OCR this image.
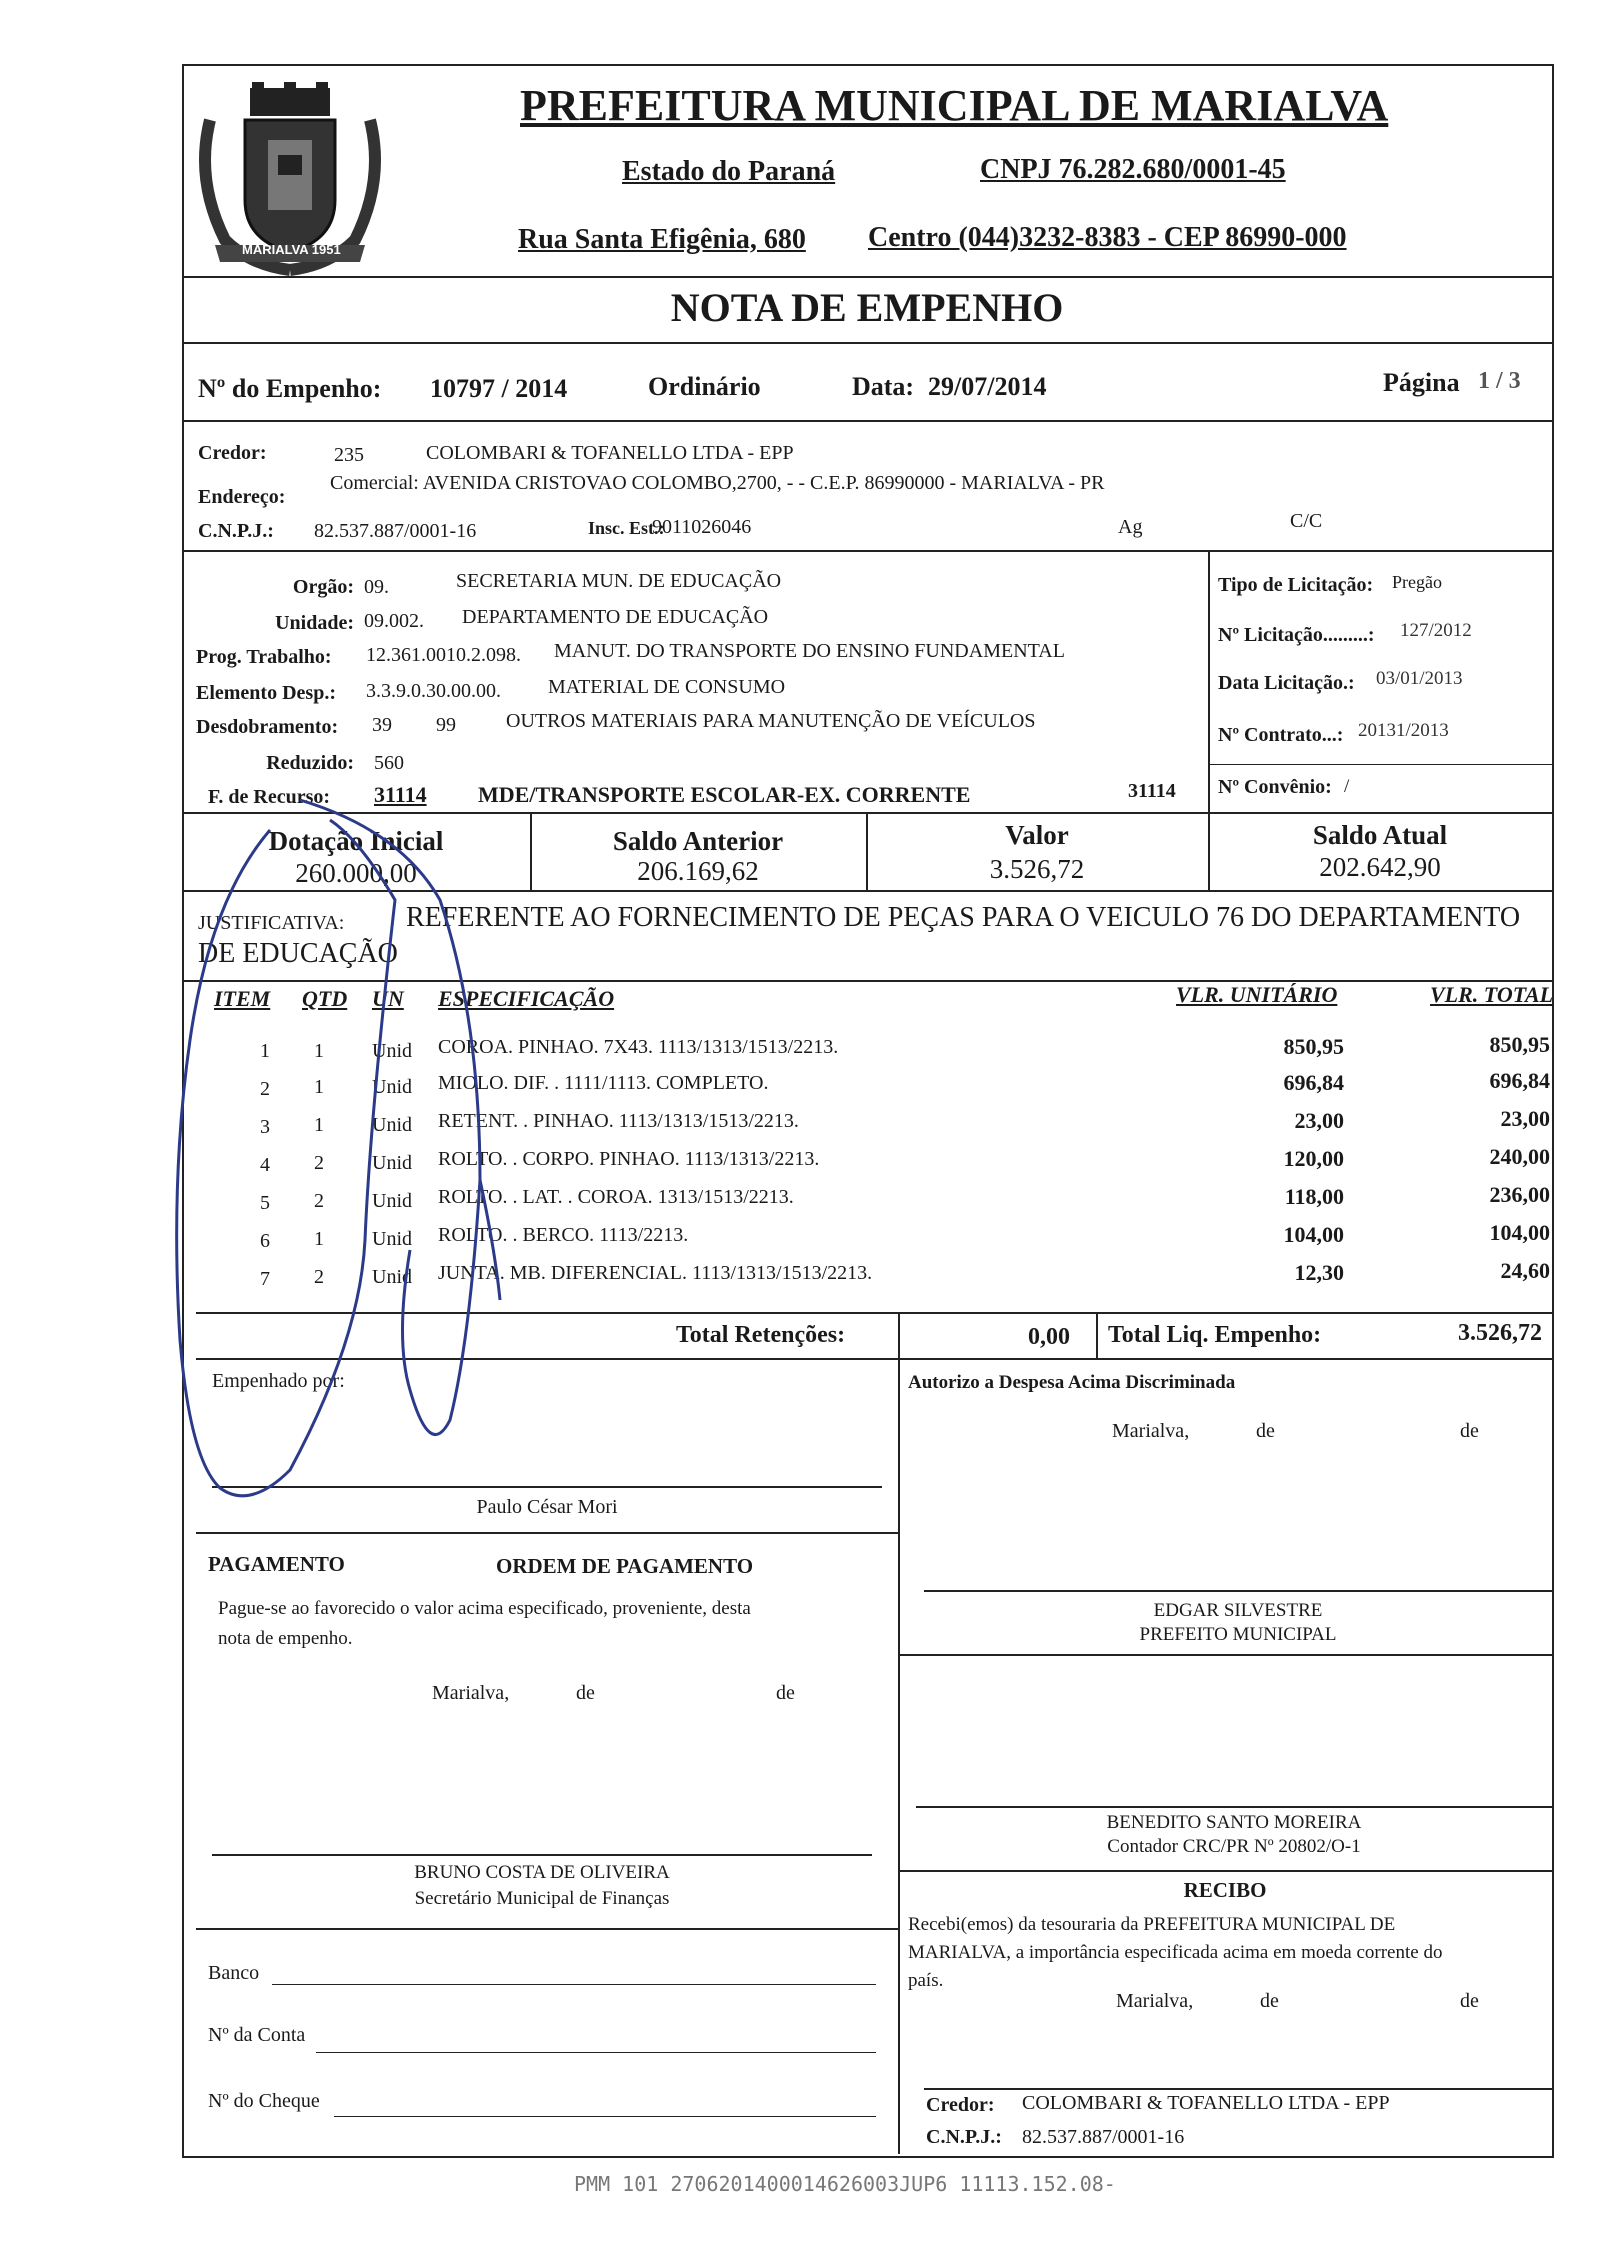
MARIALVA 1951
PREFEITURA MUNICIPAL DE MARIALVA
Estado do Paraná	CNPJ 76.282.680/0001-45
Rua Santa Efigênia, 680 Centro (044)3232-8383 - CEP 86990-000
NOTA DE EMPENHO
Nº do Empenho: 10797 / 2014	Ordinário	Data: 29/07/2014	Página 1 / 3
Credor:	235	COLOMBARI & TOFANELLO LTDA - EPP
Endereço:
Comercial: AVENIDA CRISTOVAO COLOMBO,2700, - - C.E.P. 86990000 - MARIALVA - PR
C.N.P.J.: 82.537.887/0001-16	Insc. Est.:
9011026046	Ag	C/C
Orgão: 09.	SECRETARIA MUN. DE EDUCAÇÃO
Unidade: 09.002. DEPARTAMENTO DE EDUCAÇÃO
Prog. Trabalho: 12.361.0010.2.098. MANUT. DO TRANSPORTE DO ENSINO FUNDAMENTAL
Elemento Desp.: 3.3.9.0.30.00.00. MATERIAL DE CONSUMO
Desdobramento: 39 99	OUTROS MATERIAIS PARA MANUTENÇÃO DE VEÍCULOS
Reduzido: 560
F. de Recurso: 31114 MDE/TRANSPORTE ESCOLAR-EX. CORRENTE	31114
Tipo de Licitação: Pregão
Nº Licitação.........: 127/2012
Data Licitação.: 03/01/2013
Nº Contrato...: 20131/2013
Nº Convênio: /
Dotação Inicial
260.000,00
Saldo Anterior
206.169,62
Valor
3.526,72
Saldo Atual
202.642,90
JUSTIFICATIVA: REFERENTE AO FORNECIMENTO DE PEÇAS PARA O VEICULO 76 DO DEPARTAMENTO
DE EDUCAÇÃO
ITEM QTD UN ESPECIFICAÇÃO	VLR. UNITÁRIO	VLR. TOTAL
1 1 Unid COROA. PINHAO. 7X43. 1113/1313/1513/2213.	850,95	850,95
2 1 Unid MIOLO. DIF. . 1111/1113. COMPLETO.	696,84	696,84
3 1 Unid RETENT. . PINHAO. 1113/1313/1513/2213.	23,00	23,00
4 2 Unid ROLTO. . CORPO. PINHAO. 1113/1313/2213.	120,00	240,00
5 2 Unid ROLTO. . LAT. . COROA. 1313/1513/2213.	118,00	236,00
6 1 Unid ROLTO. . BERCO. 1113/2213.	104,00	104,00
7 2 Unid JUNTA. MB. DIFERENCIAL. 1113/1313/1513/2213.	12,30	24,60
Total Retenções:	0,00 Total Liq. Empenho:	3.526,72
Empenhado por:
Paulo César Mori
PAGAMENTO	ORDEM DE PAGAMENTO
Pague-se ao favorecido o valor acima especificado, proveniente, desta
nota de empenho.
Marialva,	de	de
BRUNO COSTA DE OLIVEIRA
Secretário Municipal de Finanças
Banco
Nº da Conta
Nº do Cheque
Autorizo a Despesa Acima Discriminada
Marialva,	de	de
EDGAR SILVESTRE
PREFEITO MUNICIPAL
BENEDITO SANTO MOREIRA
Contador CRC/PR Nº 20802/O-1
RECIBO
Recebi(emos) da tesouraria da PREFEITURA MUNICIPAL DE
MARIALVA, a importância especificada acima em moeda corrente do
país.
Marialva,	de	de
Credor: COLOMBARI & TOFANELLO LTDA - EPP
C.N.P.J.: 82.537.887/0001-16
PMM 101 2706201400014626003JUP6 11113.152.08-
